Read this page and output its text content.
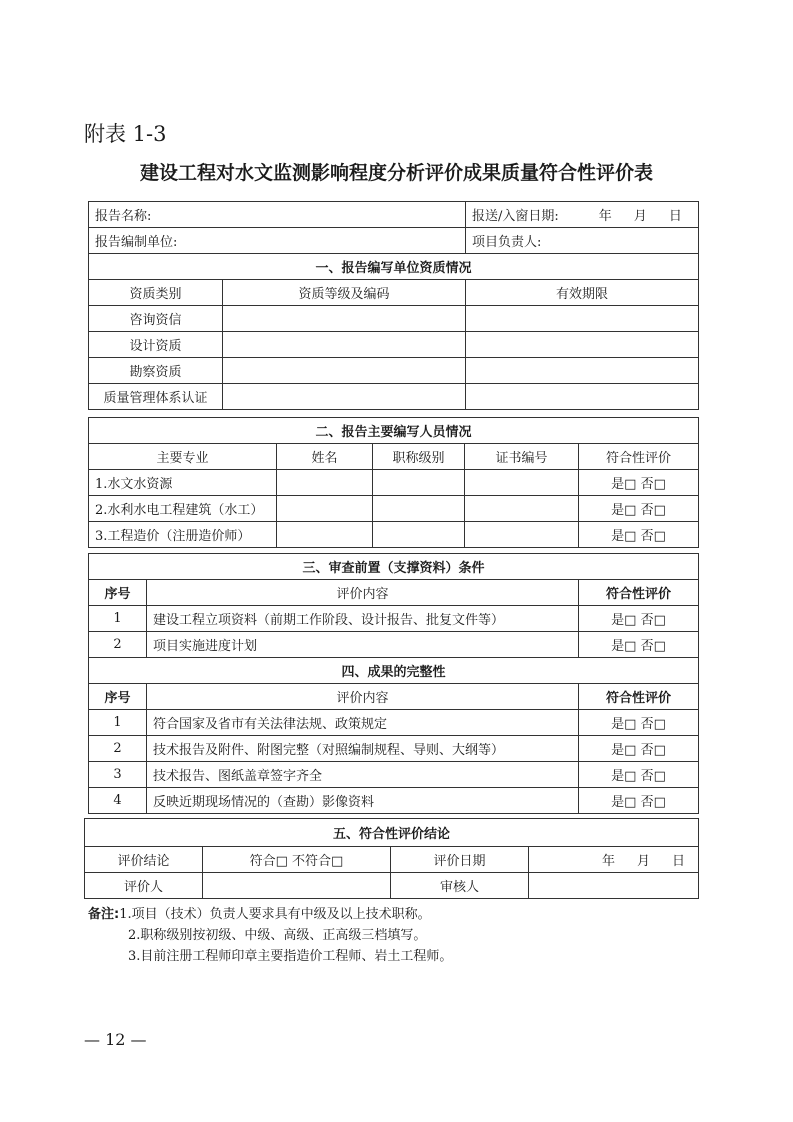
附表 1-3
建设工程对水文监测影响程度分析评价成果质量符合性评价表
报告名称:		报送/入窗日期: 年 月 日
报告编制单位:		项目负责人:
一、报告编写单位资质情况		
资质类别	资质等级及编码	有效期限
咨询资信		
设计资质		
勘察资质		
质量管理体系认证		
二、报告主要编写人员情况				
主要专业	姓名	职称级别	证书编号	符合性评价
1.水文水资源				是□ 否□
2.水利水电工程建筑（水工）				是□ 否□
3.工程造价（注册造价师）				是□ 否□
三、审查前置（支撑资料）条件		
序号	评价内容	符合性评价
1	建设工程立项资料（前期工作阶段、设计报告、批复文件等）	是□ 否□
2	项目实施进度计划	是□ 否□
四、成果的完整性		
序号	评价内容	符合性评价
1	符合国家及省市有关法律法规、政策规定	是□ 否□
2	技术报告及附件、附图完整（对照编制规程、导则、大纲等）	是□ 否□
3	技术报告、图纸盖章签字齐全	是□ 否□
4	反映近期现场情况的（查勘）影像资料	是□ 否□
五、符合性评价结论			
评价结论	符合□ 不符合□	评价日期	年 月 日
评价人		审核人	
备注:1.项目（技术）负责人要求具有中级及以上技术职称。
2.职称级别按初级、中级、高级、正高级三档填写。
3.目前注册工程师印章主要指造价工程师、岩土工程师。
— 12 —
